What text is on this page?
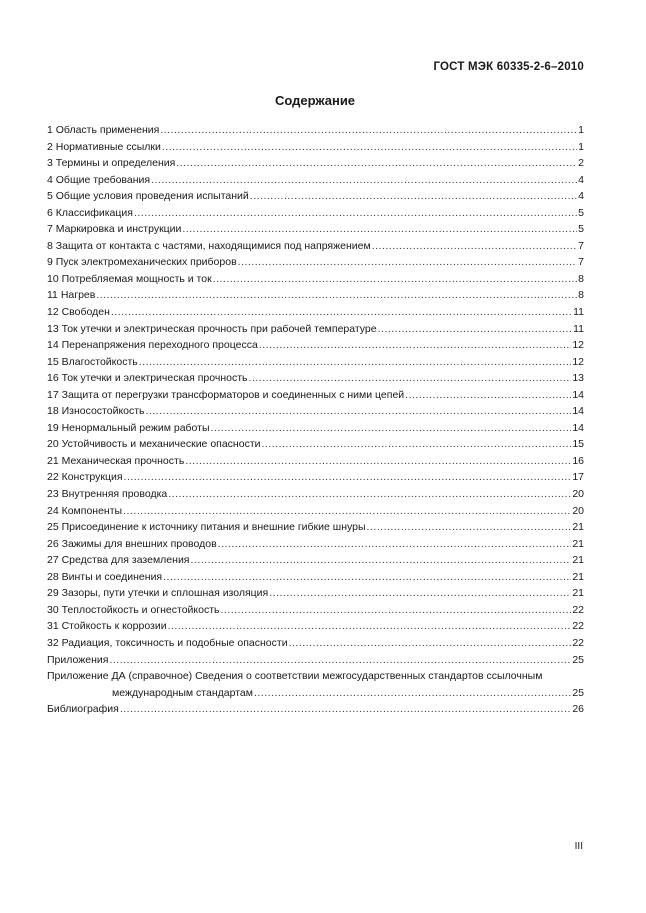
ГОСТ МЭК 60335-2-6–2010
Содержание
1 Область применения .....	1
2 Нормативные ссылки .....	1
3 Термины и определения .....	2
4 Общие требования .....	4
5 Общие условия проведения испытаний .....	4
6 Классификация .....	5
7 Маркировка и инструкции .....	5
8 Защита от контакта с частями, находящимися под напряжением .....	7
9 Пуск электромеханических приборов .....	7
10 Потребляемая мощность и ток .....	8
11 Нагрев .....	8
12 Свободен .....	11
13 Ток утечки и электрическая прочность при рабочей температуре .....	11
14 Перенапряжения переходного процесса .....	12
15 Влагостойкость .....	12
16 Ток утечки и электрическая прочность .....	13
17 Защита от перегрузки трансформаторов и соединенных с ними цепей .....	14
18 Износостойкость .....	14
19 Ненормальный режим работы .....	14
20 Устойчивость и механические опасности .....	15
21 Механическая прочность .....	16
22 Конструкция .....	17
23 Внутренняя проводка .....	20
24 Компоненты .....	20
25 Присоединение к источнику питания и внешние гибкие шнуры .....	21
26 Зажимы для внешних проводов .....	21
27 Средства для заземления .....	21
28 Винты и соединения .....	21
29 Зазоры, пути утечки и сплошная изоляция .....	21
30 Теплостойкость и огнестойкость .....	22
31 Стойкость к коррозии .....	22
32 Радиация, токсичность и подобные опасности .....	22
Приложения .....	25
Приложение ДА (справочное) Сведения о соответствии межгосударственных стандартов ссылочным
международным стандартам .....	25
Библиография .....	26
III
